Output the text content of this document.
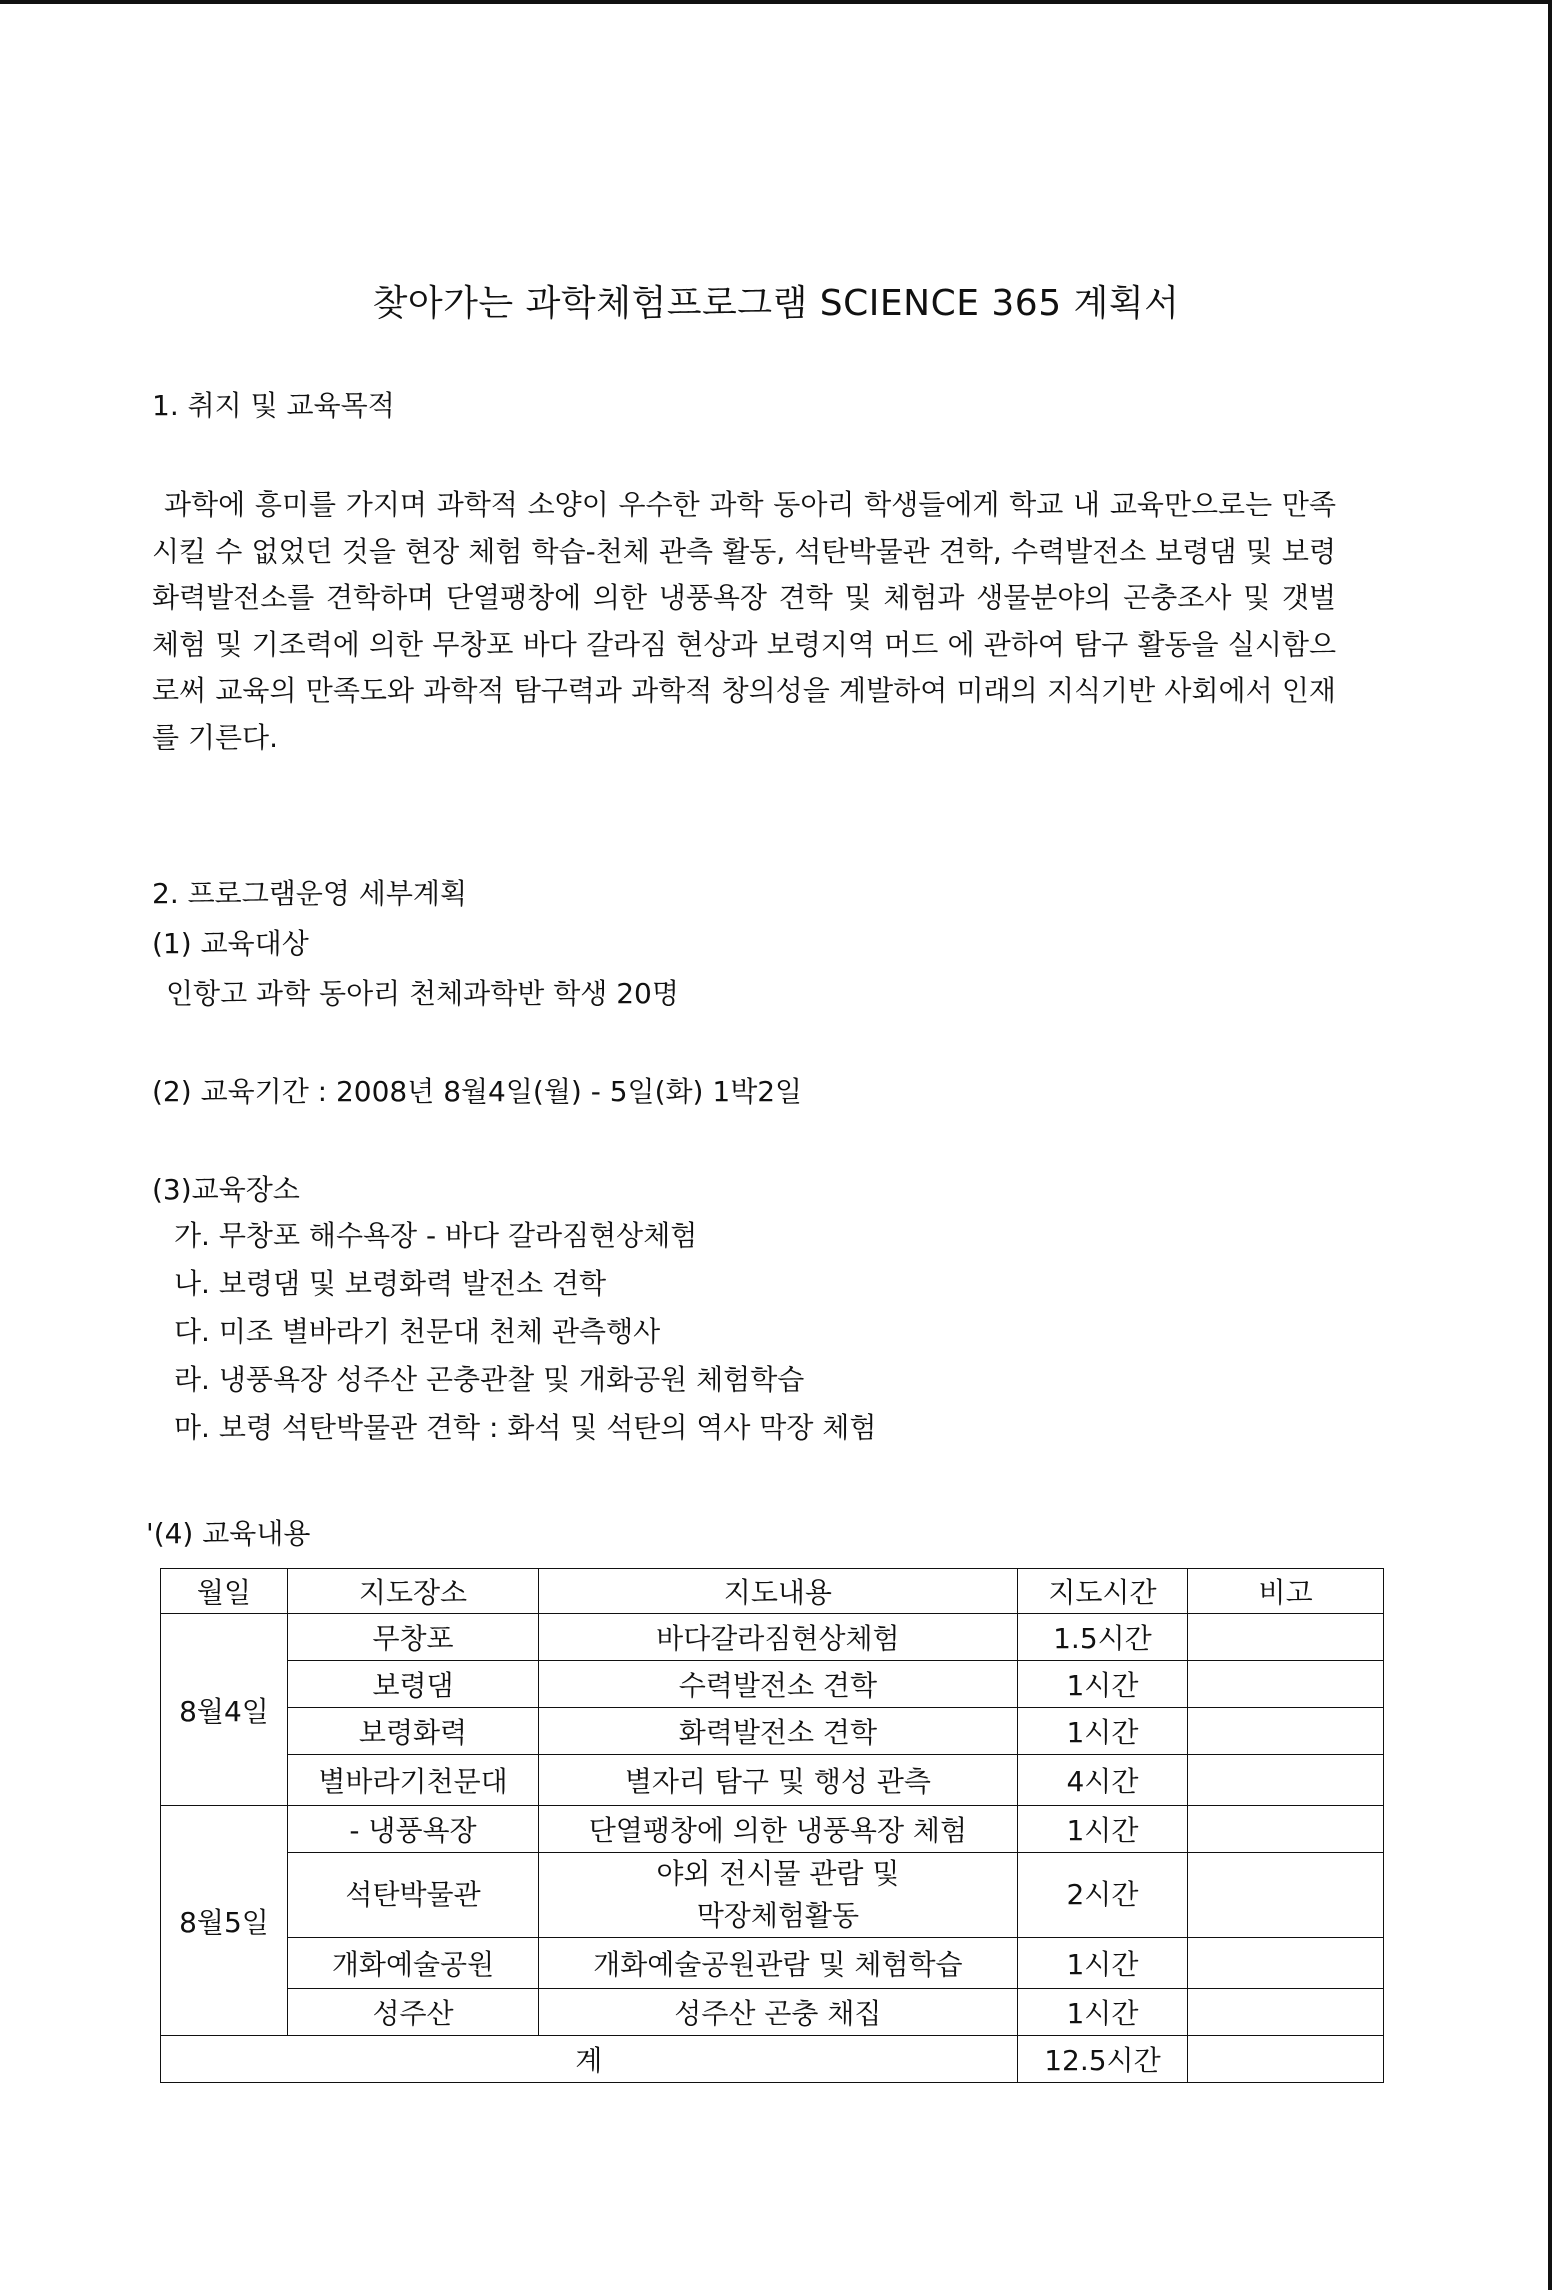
찾아가는 과학체험프로그램 SCIENCE 365 계획서
1. 취지 및 교육목적
과학에 흥미를 가지며 과학적 소양이 우수한 과학 동아리 학생들에게 학교 내 교육만으로는 만족 시킬 수 없었던 것을 현장 체험 학습-천체 관측 활동, 석탄박물관 견학, 수력발전소 보령댐 및 보령화력발전소를 견학하며 단열팽창에 의한 냉풍욕장 견학 및 체험과 생물분야의 곤충조사 및 갯벌 체험 및 기조력에 의한 무창포 바다 갈라짐 현상과 보령지역 머드 에 관하여 탐구 활동을 실시함으로써 교육의 만족도와 과학적 탐구력과 과학적 창의성을 계발하여 미래의 지식기반 사회에서 인재를 기른다.
2. 프로그램운영 세부계획
(1) 교육대상
인항고 과학 동아리 천체과학반 학생 20명
(2) 교육기간 : 2008년 8월4일(월) - 5일(화) 1박2일
(3)교육장소
가. 무창포 해수욕장 - 바다 갈라짐현상체험
나. 보령댐 및 보령화력 발전소 견학
다. 미조 별바라기 천문대 천체 관측행사
라. 냉풍욕장 성주산 곤충관찰 및 개화공원 체험학습
마. 보령 석탄박물관 견학 : 화석 및 석탄의 역사 막장 체험
'(4) 교육내용
월일	지도장소	지도내용	지도시간	비고
8월4일	무창포	바다갈라짐현상체험	1.5시간	
	보령댐	수력발전소 견학	1시간	
	보령화력	화력발전소 견학	1시간	
	별바라기천문대	별자리 탐구 및 행성 관측	4시간	
8월5일	- 냉풍욕장	단열팽창에 의한 냉풍욕장 체험	1시간	
	석탄박물관	야외 전시물 관람 및
막장체험활동	2시간	
	개화예술공원	개화예술공원관람 및 체험학습	1시간	
	성주산	성주산 곤충 채집	1시간	
계			12.5시간	
